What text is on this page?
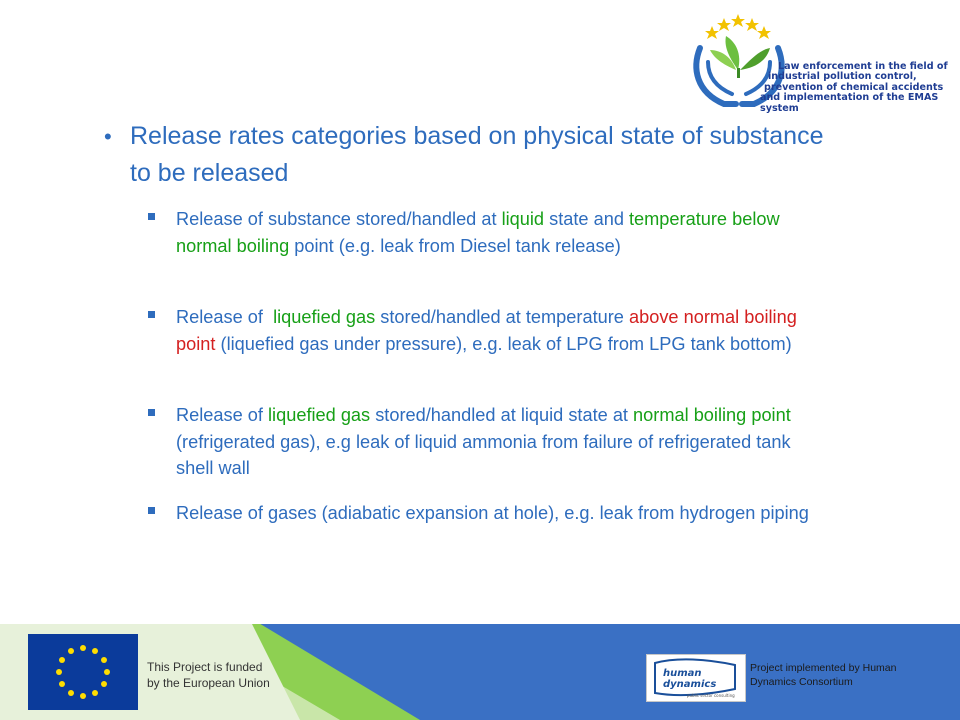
Law enforcement in the field of
industrial pollution control,
prevention of chemical accidents
and implementation of the EMAS system
• Release rates categories based on physical state of substance to be released
Release of substance stored/handled at liquid state and temperature below normal boiling point (e.g. leak from Diesel tank release)
Release of  liquefied gas stored/handled at temperature above normal boiling point (liquefied gas under pressure), e.g. leak of LPG from LPG tank bottom)
Release of liquefied gas stored/handled at liquid state at normal boiling point (refrigerated gas), e.g leak of liquid ammonia from failure of refrigerated tank shell wall
Release of gases (adiabatic expansion at hole), e.g. leak from hydrogen piping
This Project is funded
by the European Union
human
dynamics
public sector consulting
Project implemented by Human
Dynamics Consortium
